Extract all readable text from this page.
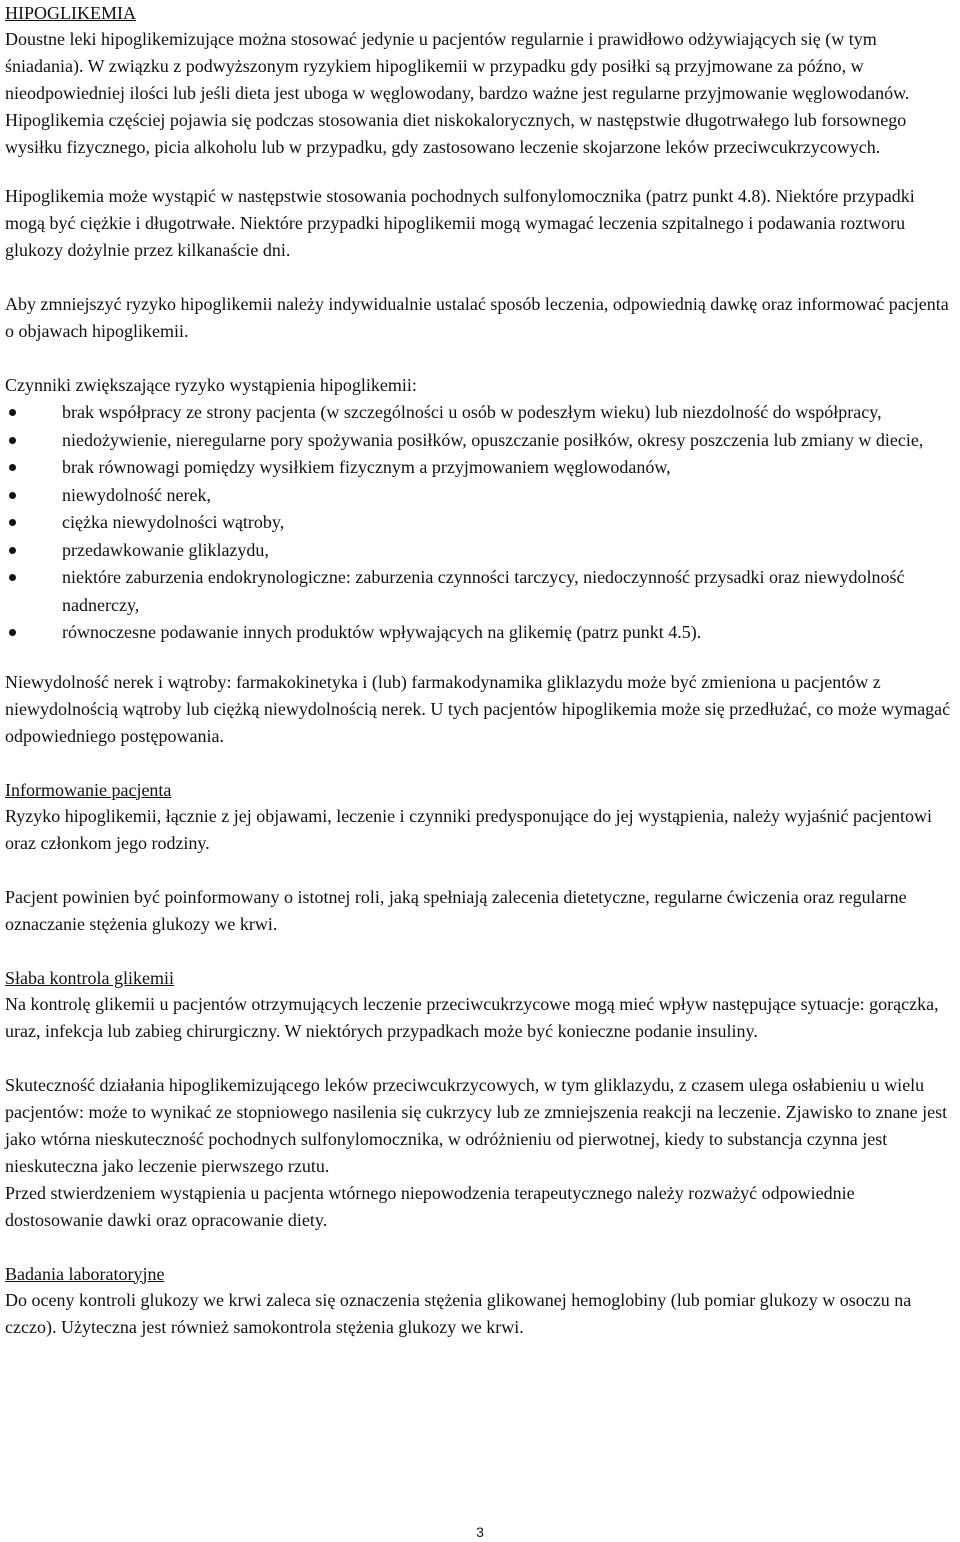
HIPOGLIKEMIA

Doustne leki hipoglikemizujące można stosować jedynie u pacjentów regularnie i prawidłowo odżywiających się (w tym śniadania). W związku z podwyższonym ryzykiem hipoglikemii w przypadku gdy posiłki są przyjmowane za późno, w nieodpowiedniej ilości lub jeśli dieta jest uboga w węglowodany, bardzo ważne jest regularne przyjmowanie węglowodanów. Hipoglikemia częściej pojawia się podczas stosowania diet niskokalorycznych, w następstwie długotrwałego lub forsownego wysiłku fizycznego, picia alkoholu lub w przypadku, gdy zastosowano leczenie skojarzone leków przeciwcukrzycowych.

Hipoglikemia może wystąpić w następstwie stosowania pochodnych sulfonylomocznika (patrz punkt 4.8). Niektóre przypadki mogą być ciężkie i długotrwałe. Niektóre przypadki hipoglikemii mogą wymagać leczenia szpitalnego i podawania roztworu glukozy dożylnie przez kilkanaście dni.

Aby zmniejszyć ryzyko hipoglikemii należy indywidualnie ustalać sposób leczenia, odpowiednią dawkę oraz informować pacjenta o objawach hipoglikemii.

Czynniki zwiększające ryzyko wystąpienia hipoglikemii:

brak współpracy ze strony pacjenta (w szczególności u osób w podeszłym wieku) lub niezdolność do współpracy,
niedożywienie, nieregularne pory spożywania posiłków, opuszczanie posiłków, okresy poszczenia lub zmiany w diecie,
brak równowagi pomiędzy wysiłkiem fizycznym a przyjmowaniem węglowodanów,
niewydolność nerek,
ciężka niewydolności wątroby,
przedawkowanie gliklazydu,
niektóre zaburzenia endokrynologiczne: zaburzenia czynności tarczycy, niedoczynność przysadki oraz niewydolność nadnerczy,
równoczesne podawanie innych produktów wpływających na glikemię (patrz punkt 4.5).

Niewydolność nerek i wątroby: farmakokinetyka i (lub) farmakodynamika gliklazydu może być zmieniona u pacjentów z niewydolnością wątroby lub ciężką niewydolnością nerek. U tych pacjentów hipoglikemia może się przedłużać, co może wymagać odpowiedniego postępowania.

Informowanie pacjenta

Ryzyko hipoglikemii, łącznie z jej objawami, leczenie i czynniki predysponujące do jej wystąpienia, należy wyjaśnić pacjentowi oraz członkom jego rodziny.

Pacjent powinien być poinformowany o istotnej roli, jaką spełniają zalecenia dietetyczne, regularne ćwiczenia oraz regularne oznaczanie stężenia glukozy we krwi.

Słaba kontrola glikemii

Na kontrolę glikemii u pacjentów otrzymujących leczenie przeciwcukrzycowe mogą mieć wpływ następujące sytuacje: gorączka, uraz, infekcja lub zabieg chirurgiczny. W niektórych przypadkach może być konieczne podanie insuliny.

Skuteczność działania hipoglikemizującego leków przeciwcukrzycowych, w tym gliklazydu, z czasem ulega osłabieniu u wielu pacjentów: może to wynikać ze stopniowego nasilenia się cukrzycy lub ze zmniejszenia reakcji na leczenie. Zjawisko to znane jest jako wtórna nieskuteczność pochodnych sulfonylomocznika, w odróżnieniu od pierwotnej, kiedy to substancja czynna jest nieskuteczna jako leczenie pierwszego rzutu.

Przed stwierdzeniem wystąpienia u pacjenta wtórnego niepowodzenia terapeutycznego należy rozważyć odpowiednie dostosowanie dawki oraz opracowanie diety.

Badania laboratoryjne

Do oceny kontroli glukozy we krwi zaleca się oznaczenia stężenia glikowanej hemoglobiny (lub pomiar glukozy w osoczu na czczo). Użyteczna jest również samokontrola stężenia glukozy we krwi.

3
